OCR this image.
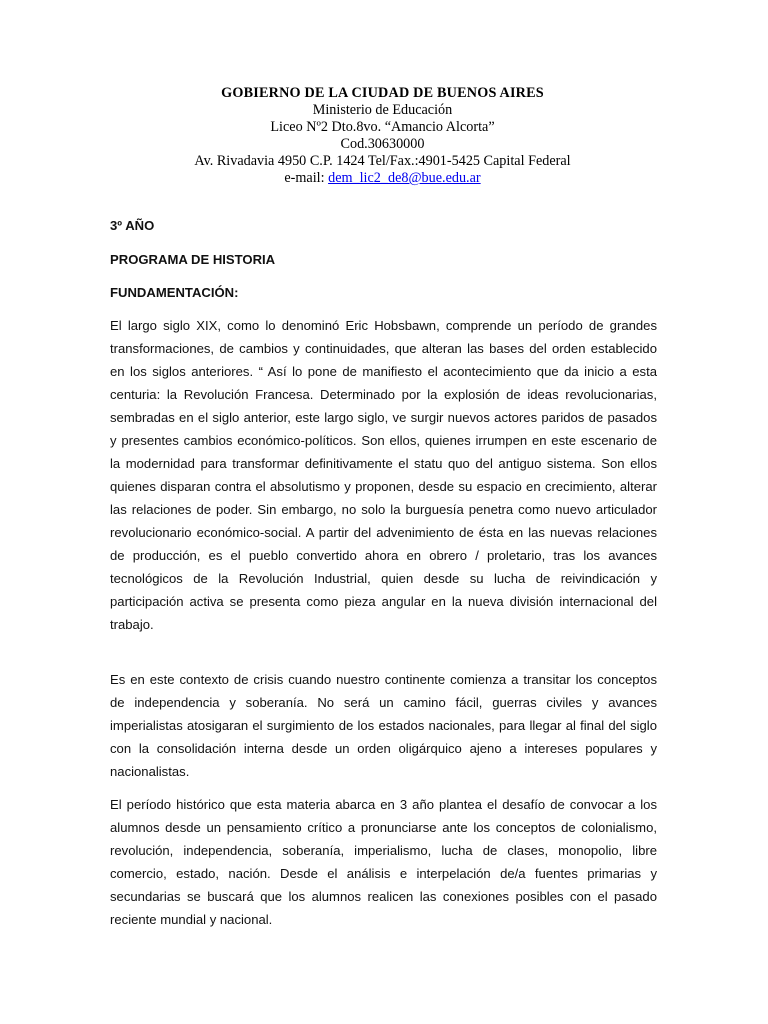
GOBIERNO DE LA CIUDAD DE BUENOS AIRES
Ministerio de Educación
Liceo Nº2 Dto.8vo. “Amancio Alcorta”
Cod.30630000
Av. Rivadavia 4950 C.P. 1424 Tel/Fax.:4901-5425 Capital Federal
e-mail: dem_lic2_de8@bue.edu.ar

3º AÑO

PROGRAMA DE HISTORIA

FUNDAMENTACIÓN:

El largo siglo XIX, como lo denominó Eric Hobsbawn, comprende un período de grandes transformaciones, de cambios y continuidades, que alteran las bases del orden establecido en los siglos anteriores. “ Así lo pone de manifiesto el acontecimiento que da inicio a esta centuria: la Revolución Francesa. Determinado por la explosión de ideas revolucionarias, sembradas en el siglo anterior, este largo siglo, ve surgir nuevos actores paridos de pasados y presentes cambios económico-políticos. Son ellos, quienes irrumpen en este escenario de la modernidad para transformar definitivamente el statu quo del antiguo sistema. Son ellos quienes disparan contra el absolutismo y proponen, desde su espacio en crecimiento, alterar las relaciones de poder. Sin embargo, no solo la burguesía penetra como nuevo articulador revolucionario económico-social. A partir del advenimiento de ésta en las nuevas relaciones de producción, es el pueblo convertido ahora en obrero / proletario, tras los avances tecnológicos de la Revolución Industrial, quien desde su lucha de reivindicación y participación activa se presenta como pieza angular en la nueva división internacional del trabajo.

Es en este contexto de crisis cuando nuestro continente comienza a transitar los conceptos de independencia y soberanía. No será un camino fácil, guerras civiles y avances imperialistas atosigaran el surgimiento de los estados nacionales, para llegar al final del siglo con la consolidación interna desde un orden oligárquico ajeno a intereses populares y nacionalistas.

El período histórico que esta materia abarca en 3 año plantea el desafío de convocar a los alumnos desde un pensamiento crítico a pronunciarse ante los conceptos de colonialismo, revolución, independencia, soberanía, imperialismo, lucha de clases, monopolio, libre comercio, estado, nación. Desde el análisis e interpelación de/a fuentes primarias y secundarias se buscará que los alumnos realicen las conexiones posibles con el pasado reciente mundial y nacional.
